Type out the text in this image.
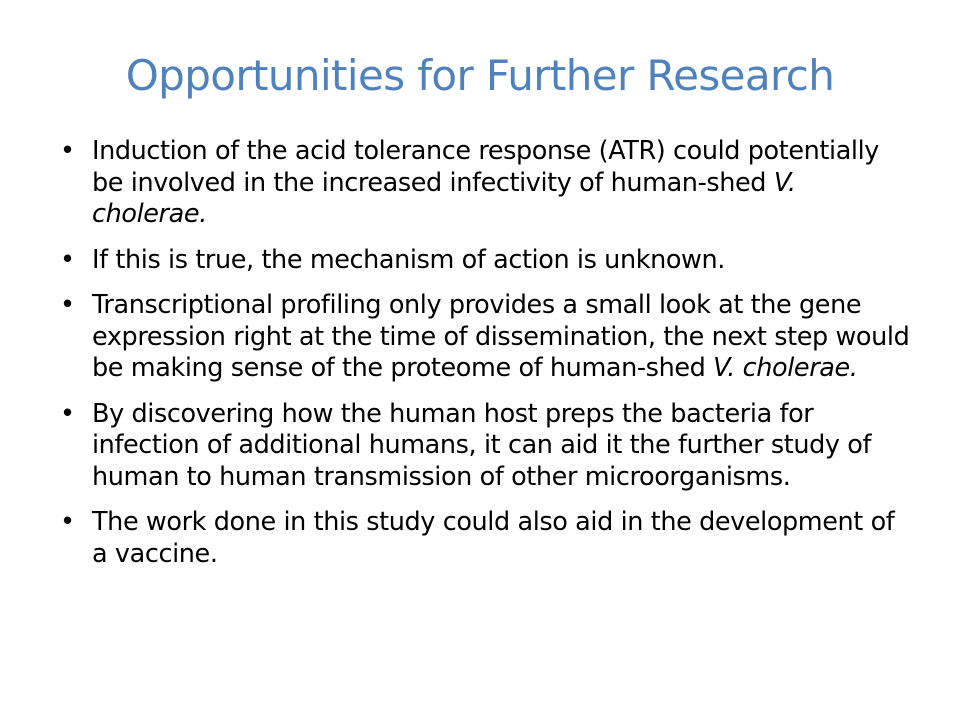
Opportunities for Further Research
• Induction of the acid tolerance response (ATR) could potentially be involved in the increased infectivity of human-shed V. cholerae.
• If this is true, the mechanism of action is unknown.
• Transcriptional profiling only provides a small look at the gene expression right at the time of dissemination, the next step would be making sense of the proteome of human-shed V. cholerae.
• By discovering how the human host preps the bacteria for infection of additional humans, it can aid it the further study of human to human transmission of other microorganisms.
• The work done in this study could also aid in the development of a vaccine.
